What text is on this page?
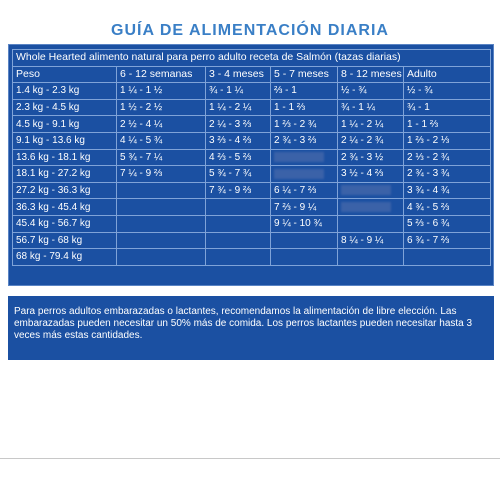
GUÍA DE ALIMENTACIÓN DIARIA
Whole Hearted alimento natural para perro adulto receta de Salmón (tazas diarias)					
Peso	6 - 12 semanas	3 - 4 meses	5 - 7 meses	8 - 12 meses	Adulto
1.4 kg - 2.3 kg	1 ¼ - 1 ½	¾ - 1 ¼	⅔ - 1	½ - ¾	½ - ¾
2.3 kg - 4.5 kg	1 ½ - 2 ½	1 ¼ - 2 ¼	1 - 1 ⅔	¾ - 1 ¼	¾ - 1
4.5 kg - 9.1 kg	2 ½ - 4 ¼	2 ¼ - 3 ⅔	1 ⅔ - 2 ¾	1 ¼ - 2 ¼	1 - 1 ⅔
9.1 kg - 13.6 kg	4 ¼ - 5 ¾	3 ⅔ - 4 ⅔	2 ¾ - 3 ⅔	2 ¼ - 2 ¾	1 ⅔ - 2 ⅓
13.6 kg - 18.1 kg	5 ¾ - 7 ¼	4 ⅔ - 5 ⅔		2 ¾ - 3 ½	2 ⅓ - 2 ¾
18.1 kg - 27.2 kg	7 ¼ - 9 ⅔	5 ¾ - 7 ¾		3 ½ - 4 ⅔	2 ¾ - 3 ¾
27.2 kg - 36.3 kg		7 ¾ - 9 ⅔	6 ¼ - 7 ⅔		3 ¾ - 4 ¾
36.3 kg - 45.4 kg			7 ⅔ - 9 ¼		4 ¾ - 5 ⅔
45.4 kg - 56.7 kg			9 ¼ - 10 ¾		5 ⅔ - 6 ¾
56.7 kg - 68 kg				8 ¼ - 9 ¼	6 ¾ - 7 ⅔
68 kg - 79.4 kg					
Para perros adultos embarazadas o lactantes, recomendamos la alimentación de libre elección. Las embarazadas pueden necesitar un 50% más de comida. Los perros lactantes pueden necesitar hasta 3 veces más estas cantidades.
